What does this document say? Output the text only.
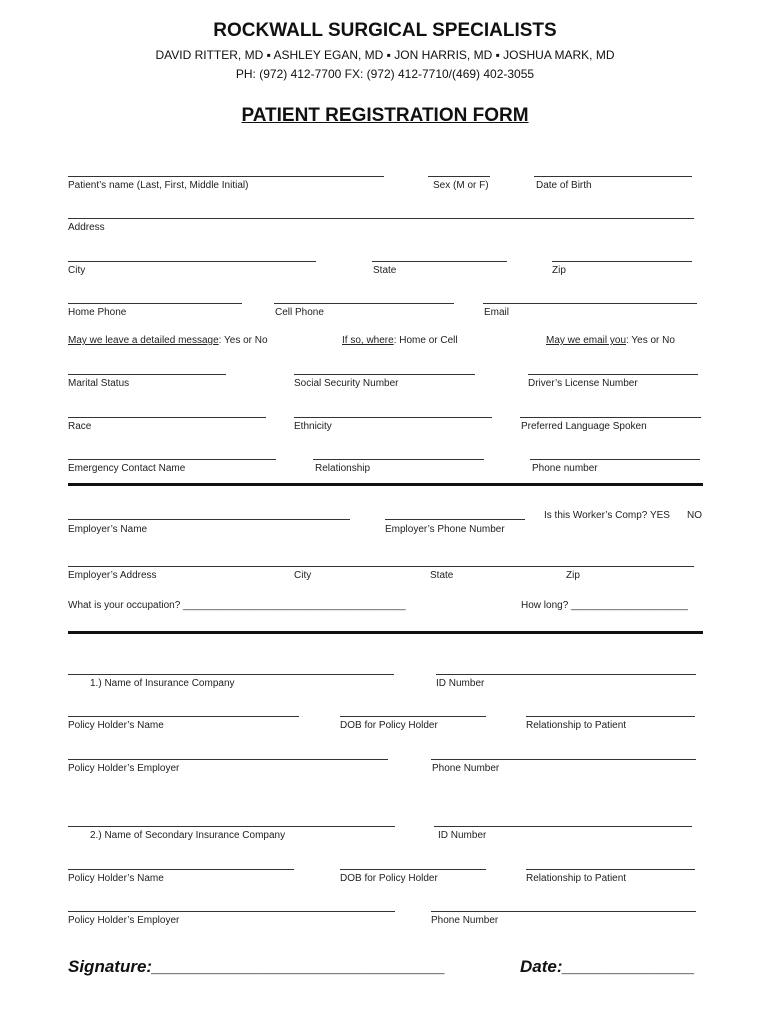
ROCKWALL SURGICAL SPECIALISTS
DAVID RITTER, MD ▪ ASHLEY EGAN, MD ▪ JON HARRIS, MD ▪ JOSHUA MARK, MD
PH: (972) 412-7700 FX: (972) 412-7710/(469) 402-3055
PATIENT REGISTRATION FORM
Patient’s name (Last, First, Middle Initial)	Sex (M or F)	Date of Birth
Address
City	State	Zip
Home Phone	Cell Phone	Email
May we leave a detailed message: Yes or No	If so, where: Home or Cell	May we email you: Yes or No
Marital Status	Social Security Number	Driver’s License Number
Race	Ethnicity	Preferred Language Spoken
Emergency Contact Name	Relationship	Phone number
Is this Worker’s Comp? YES NO
Employer’s Name	Employer’s Phone Number
Employer’s Address	City	State	Zip
What is your occupation? ________________________________________	How long? _____________________
1.) Name of Insurance Company	ID Number
Policy Holder’s Name	DOB for Policy Holder	Relationship to Patient
Policy Holder’s Employer	Phone Number
2.) Name of Secondary Insurance Company	ID Number
Policy Holder’s Name	DOB for Policy Holder	Relationship to Patient
Policy Holder’s Employer	Phone Number
Signature:_______________________________	Date:______________
